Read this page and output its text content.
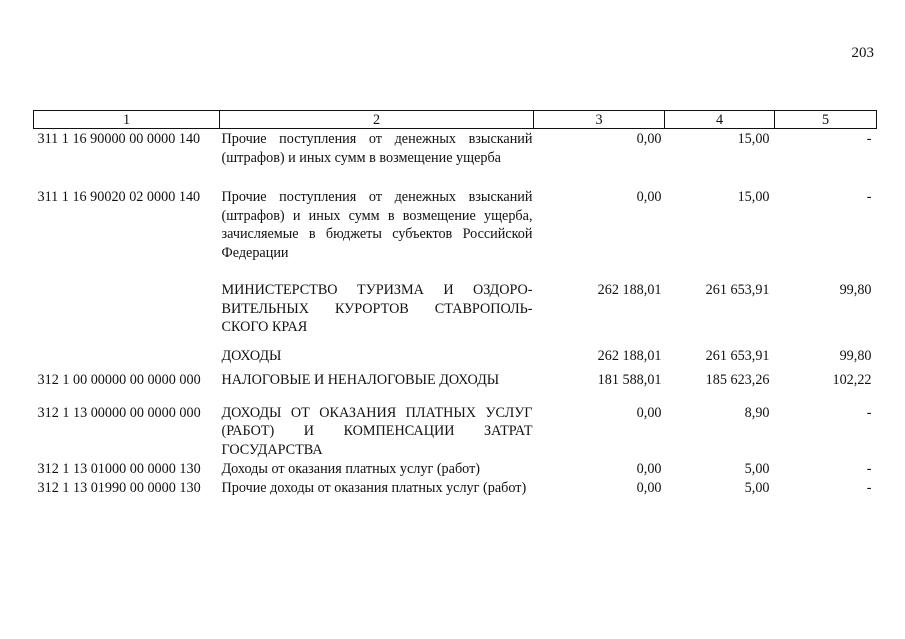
203
1	2	3	4	5
311 1 16 90000 00 0000 140	Прочие поступления от денежных взысканий (штрафов) и иных сумм в возмещение ущерба	0,00	15,00	-
311 1 16 90020 02 0000 140	Прочие поступления от денежных взысканий (штрафов) и иных сумм в возмещение ущерба, зачисляемые в бюджеты субъектов Российской Федерации	0,00	15,00	-
	МИНИСТЕРСТВО ТУРИЗМА И ОЗДОРО-ВИТЕЛЬНЫХ КУРОРТОВ СТАВРОПОЛЬ-СКОГО КРАЯ	262 188,01	261 653,91	99,80
	ДОХОДЫ	262 188,01	261 653,91	99,80
312 1 00 00000 00 0000 000	НАЛОГОВЫЕ И НЕНАЛОГОВЫЕ ДОХОДЫ	181 588,01	185 623,26	102,22
312 1 13 00000 00 0000 000	ДОХОДЫ ОТ ОКАЗАНИЯ ПЛАТНЫХ УСЛУГ (РАБОТ) И КОМПЕНСАЦИИ ЗАТРАТ ГОСУДАРСТВА	0,00	8,90	-
312 1 13 01000 00 0000 130	Доходы от оказания платных услуг (работ)	0,00	5,00	-
312 1 13 01990 00 0000 130	Прочие доходы от оказания платных услуг (работ)	0,00	5,00	-
